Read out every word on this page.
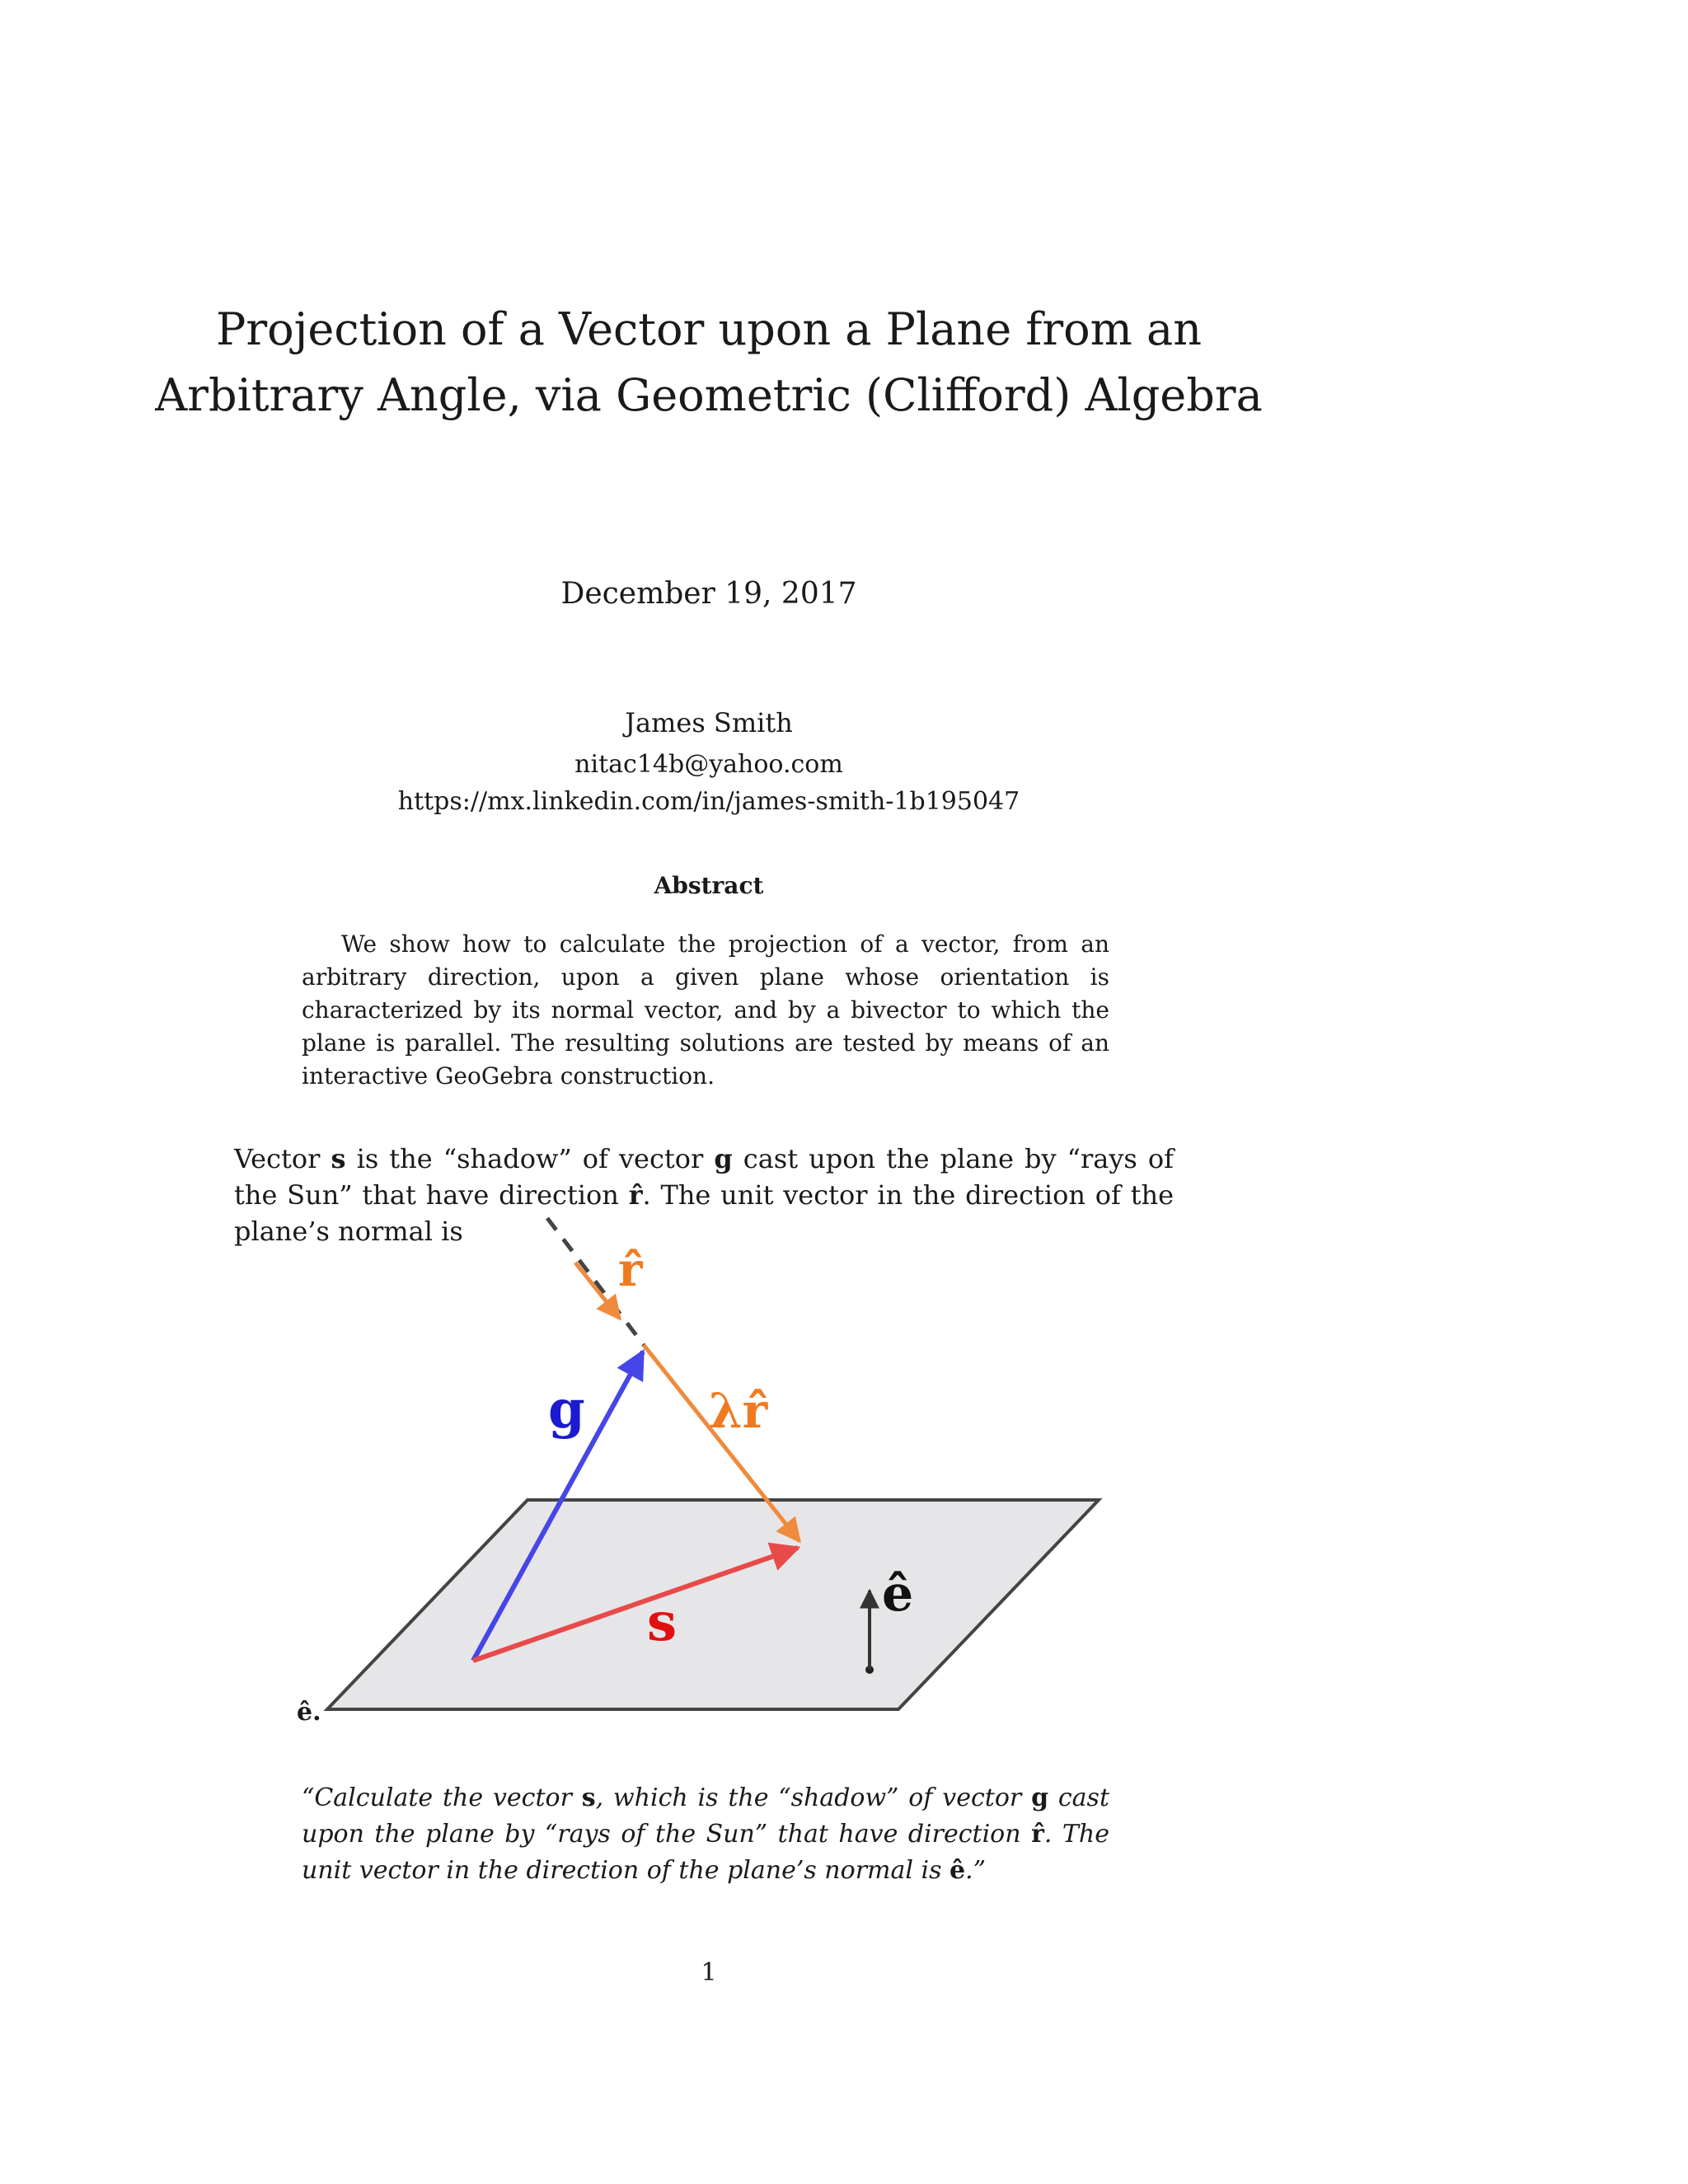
Projection of a Vector upon a Plane from an
Arbitrary Angle, via Geometric (Clifford) Algebra
December 19, 2017
James Smith
nitac14b@yahoo.com
https://mx.linkedin.com/in/james-smith-1b195047
Abstract

We show how to calculate the projection of a vector, from an arbitrary direction, upon a given plane whose orientation is characterized by its normal vector, and by a bivector to which the plane is parallel. The resulting solutions are tested by means of an interactive GeoGebra construction.

Vector s is the “shadow” of vector g cast upon the plane by “rays of the Sun” that have direction r̂. The unit vector in the direction of the plane’s normal is

r̂
λr̂
g
s	ê
ê.

“Calculate the vector s, which is the “shadow” of vector g cast upon the plane by “rays of the Sun” that have direction r̂. The unit vector in the direction of the plane’s normal is ê.”

1
